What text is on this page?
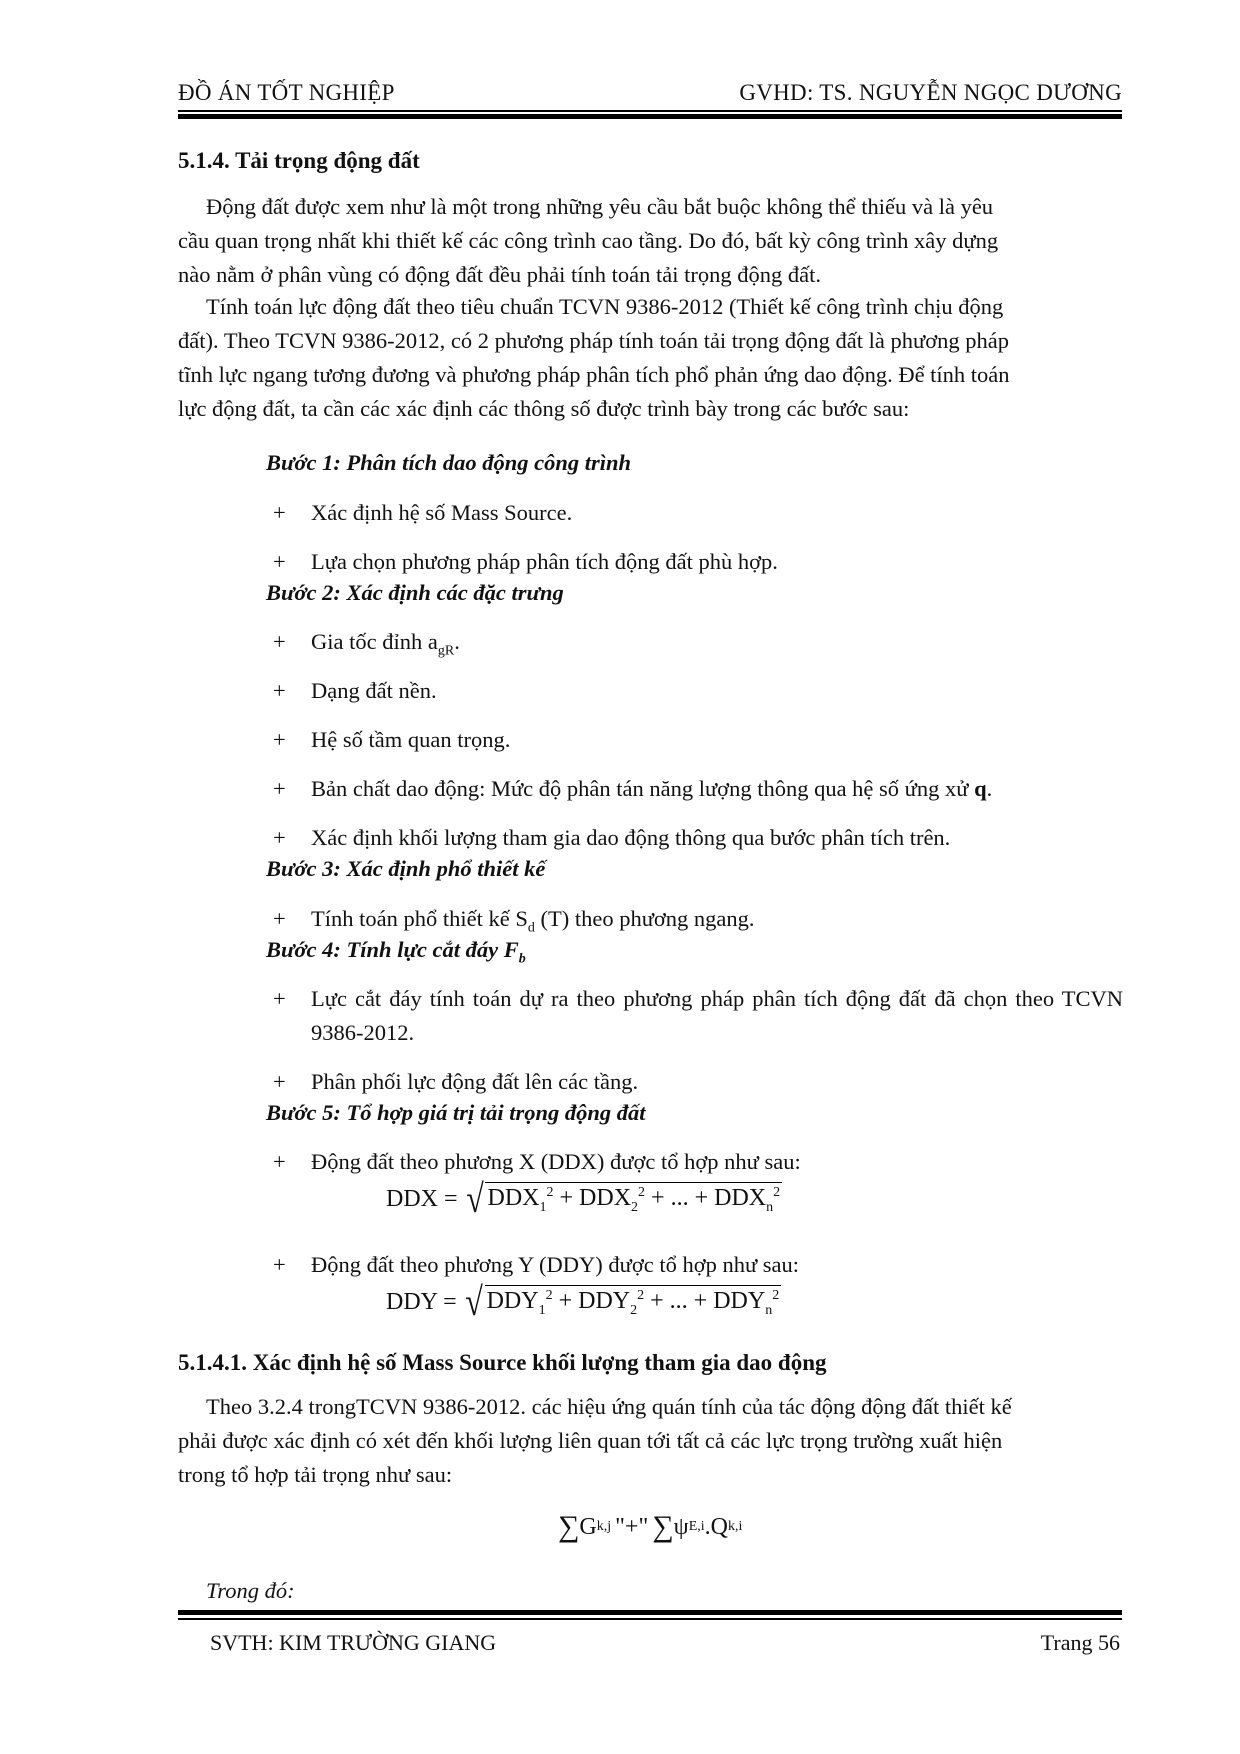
ĐỒ ÁN TỐT NGHIỆP	GVHD: TS. NGUYỄN NGỌC DƯƠNG
5.1.4. Tải trọng động đất
Động đất được xem như là một trong những yêu cầu bắt buộc không thể thiếu và là yêu
cầu quan trọng nhất khi thiết kế các công trình cao tầng. Do đó, bất kỳ công trình xây dựng
nào nằm ở phân vùng có động đất đều phải tính toán tải trọng động đất.
Tính toán lực động đất theo tiêu chuẩn TCVN 9386-2012 (Thiết kế công trình chịu động
đất). Theo TCVN 9386-2012, có 2 phương pháp tính toán tải trọng động đất là phương pháp
tĩnh lực ngang tương đương và phương pháp phân tích phổ phản ứng dao động. Để tính toán
lực động đất, ta cần các xác định các thông số được trình bày trong các bước sau:
Bước 1: Phân tích dao động công trình
+ Xác định hệ số Mass Source.
+ Lựa chọn phương pháp phân tích động đất phù hợp.
Bước 2: Xác định các đặc trưng
+ Gia tốc đỉnh $a_{gR}$.
+ Dạng đất nền.
+ Hệ số tầm quan trọng.
+ Bản chất dao động: Mức độ phân tán năng lượng thông qua hệ số ứng xử q.
+ Xác định khối lượng tham gia dao động thông qua bước phân tích trên.
Bước 3: Xác định phổ thiết kế
+ Tính toán phổ thiết kế $S_d$ (T) theo phương ngang.
Bước 4: Tính lực cắt đáy $F_b$
+ Lực cắt đáy tính toán dự ra theo phương pháp phân tích động đất đã chọn theo TCVN 9386-2012.
+ Phân phối lực động đất lên các tầng.
Bước 5: Tổ hợp giá trị tải trọng động đất
+ Động đất theo phương X (DDX) được tổ hợp như sau:
DDX = √ $DDX_1^2 + DDX_2^2$ + ... + $DDX_n^2$
+ Động đất theo phương Y (DDY) được tổ hợp như sau:
DDY = √ $DDY_1^2 + DDY_2^2$ + ... + $DDY_n^2$
5.1.4.1. Xác định hệ số Mass Source khối lượng tham gia dao động
Theo 3.2.4 trongTCVN 9386-2012. các hiệu ứng quán tính của tác động động đất thiết kế
phải được xác định có xét đến khối lượng liên quan tới tất cả các lực trọng trường xuất hiện
trong tổ hợp tải trọng như sau:
∑ G k,j "+" ∑ ψ E,i .Q k,i
Trong đó:
SVTH: KIM TRƯỜNG GIANG	Trang 56
